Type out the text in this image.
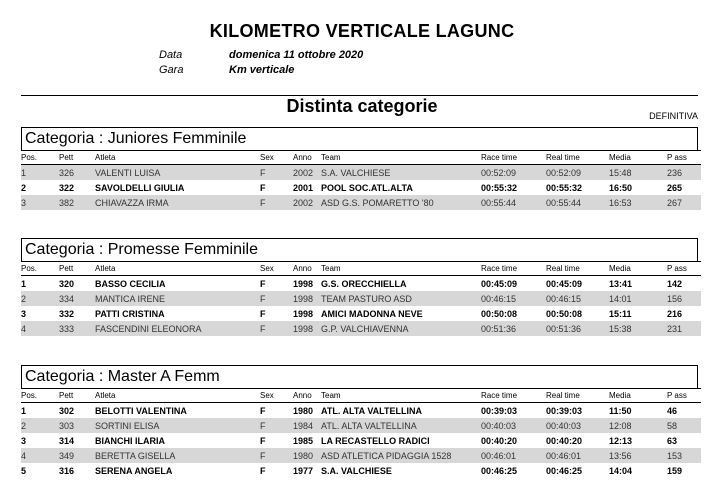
KILOMETRO VERTICALE LAGUNC
Data	domenica 11 ottobre 2020
Gara	Km verticale
Distinta categorie	DEFINITIVA
Categoria : Juniores Femminile
Pos.	Pett	Atleta	Sex	Anno	Team	Race time	Real time	Media	P ass
1	326	VALENTI LUISA	F	2002	S.A. VALCHIESE	00:52:09	00:52:09	15:48	236
2	322	SAVOLDELLI GIULIA	F	2001	POOL SOC.ATL.ALTA	00:55:32	00:55:32	16:50	265
3	382	CHIAVAZZA IRMA	F	2002	ASD G.S. POMARETTO '80	00:55:44	00:55:44	16:53	267
Categoria : Promesse Femminile
Pos.	Pett	Atleta	Sex	Anno	Team	Race time	Real time	Media	P ass
1	320	BASSO CECILIA	F	1998	G.S. ORECCHIELLA	00:45:09	00:45:09	13:41	142
2	334	MANTICA IRENE	F	1998	TEAM PASTURO ASD	00:46:15	00:46:15	14:01	156
3	332	PATTI CRISTINA	F	1998	AMICI MADONNA NEVE	00:50:08	00:50:08	15:11	216
4	333	FASCENDINI ELEONORA	F	1998	G.P. VALCHIAVENNA	00:51:36	00:51:36	15:38	231
Categoria : Master A Femm
Pos.	Pett	Atleta	Sex	Anno	Team	Race time	Real time	Media	P ass
1	302	BELOTTI VALENTINA	F	1980	ATL. ALTA VALTELLINA	00:39:03	00:39:03	11:50	46
2	303	SORTINI ELISA	F	1984	ATL. ALTA VALTELLINA	00:40:03	00:40:03	12:08	58
3	314	BIANCHI ILARIA	F	1985	LA RECASTELLO RADICI	00:40:20	00:40:20	12:13	63
4	349	BERETTA GISELLA	F	1980	ASD ATLETICA PIDAGGIA 1528	00:46:01	00:46:01	13:56	153
5	316	SERENA ANGELA	F	1977	S.A. VALCHIESE	00:46:25	00:46:25	14:04	159
